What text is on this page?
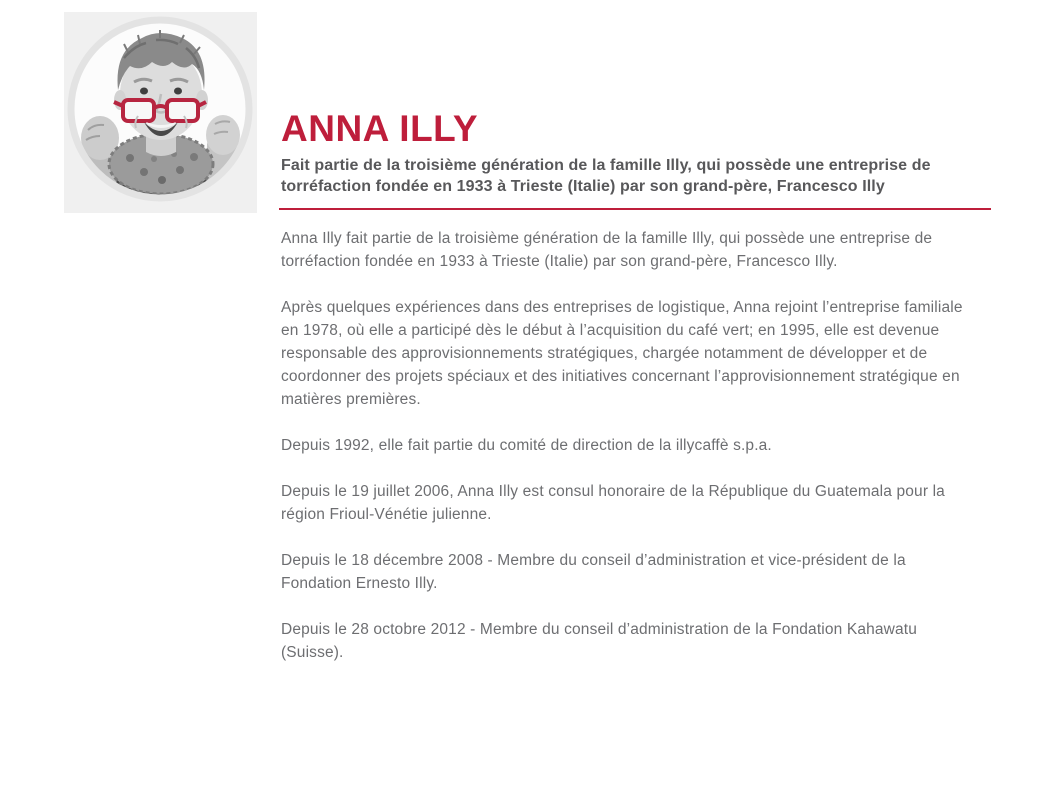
ANNA ILLY
Fait partie de la troisième génération de la famille Illy, qui possède une entreprise de torréfaction fondée en 1933 à Trieste (Italie) par son grand-père, Francesco Illy

Anna Illy fait partie de la troisième génération de la famille Illy, qui possède une entreprise de torréfaction fondée en 1933 à Trieste (Italie) par son grand-père, Francesco Illy.

Après quelques expériences dans des entreprises de logistique, Anna rejoint l’entreprise familiale en 1978, où elle a participé dès le début à l’acquisition du café vert; en 1995, elle est devenue responsable des approvisionnements stratégiques, chargée notamment de développer et de coordonner des projets spéciaux et des initiatives concernant l’approvisionnement stratégique en matières premières.

Depuis 1992, elle fait partie du comité de direction de la illycaffè s.p.a.

Depuis le 19 juillet 2006, Anna Illy est consul honoraire de la République du Guatemala pour la région Frioul-Vénétie julienne.

Depuis le 18 décembre 2008 - Membre du conseil d’administration et vice-président de la Fondation Ernesto Illy.

Depuis le 28 octobre 2012 - Membre du conseil d’administration de la Fondation Kahawatu (Suisse).
